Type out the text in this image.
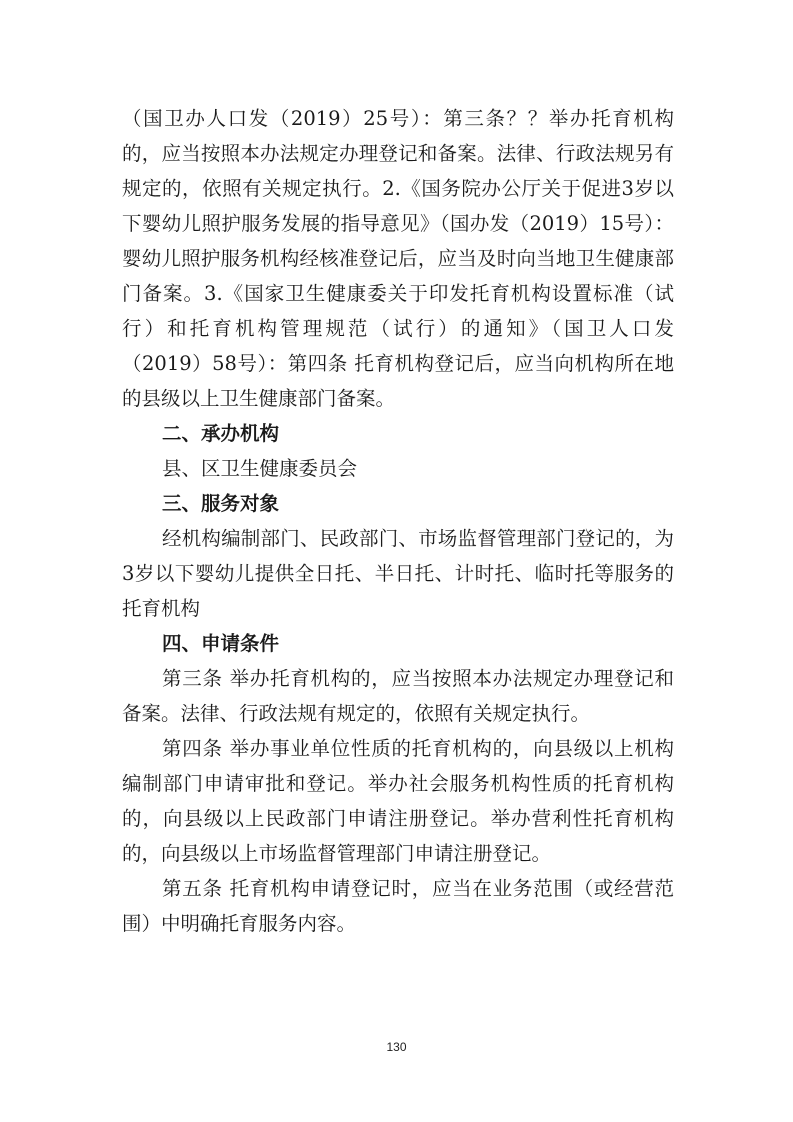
（国卫办人口发（2019）25号）：第三条？？举办托育机构的，应当按照本办法规定办理登记和备案。法律、行政法规另有规定的，依照有关规定执行。2.《国务院办公厅关于促进3岁以下婴幼儿照护服务发展的指导意见》（国办发（2019）15号）：婴幼儿照护服务机构经核准登记后，应当及时向当地卫生健康部门备案。3.《国家卫生健康委关于印发托育机构设置标准（试行）和托育机构管理规范（试行）的通知》（国卫人口发（2019）58号）：第四条 托育机构登记后，应当向机构所在地的县级以上卫生健康部门备案。

二、承办机构

县、区卫生健康委员会

三、服务对象

经机构编制部门、民政部门、市场监督管理部门登记的，为3岁以下婴幼儿提供全日托、半日托、计时托、临时托等服务的托育机构

四、申请条件

第三条 举办托育机构的，应当按照本办法规定办理登记和备案。法律、行政法规有规定的，依照有关规定执行。

第四条 举办事业单位性质的托育机构的，向县级以上机构编制部门申请审批和登记。举办社会服务机构性质的托育机构的，向县级以上民政部门申请注册登记。举办营利性托育机构的，向县级以上市场监督管理部门申请注册登记。

第五条 托育机构申请登记时，应当在业务范围（或经营范围）中明确托育服务内容。

130
